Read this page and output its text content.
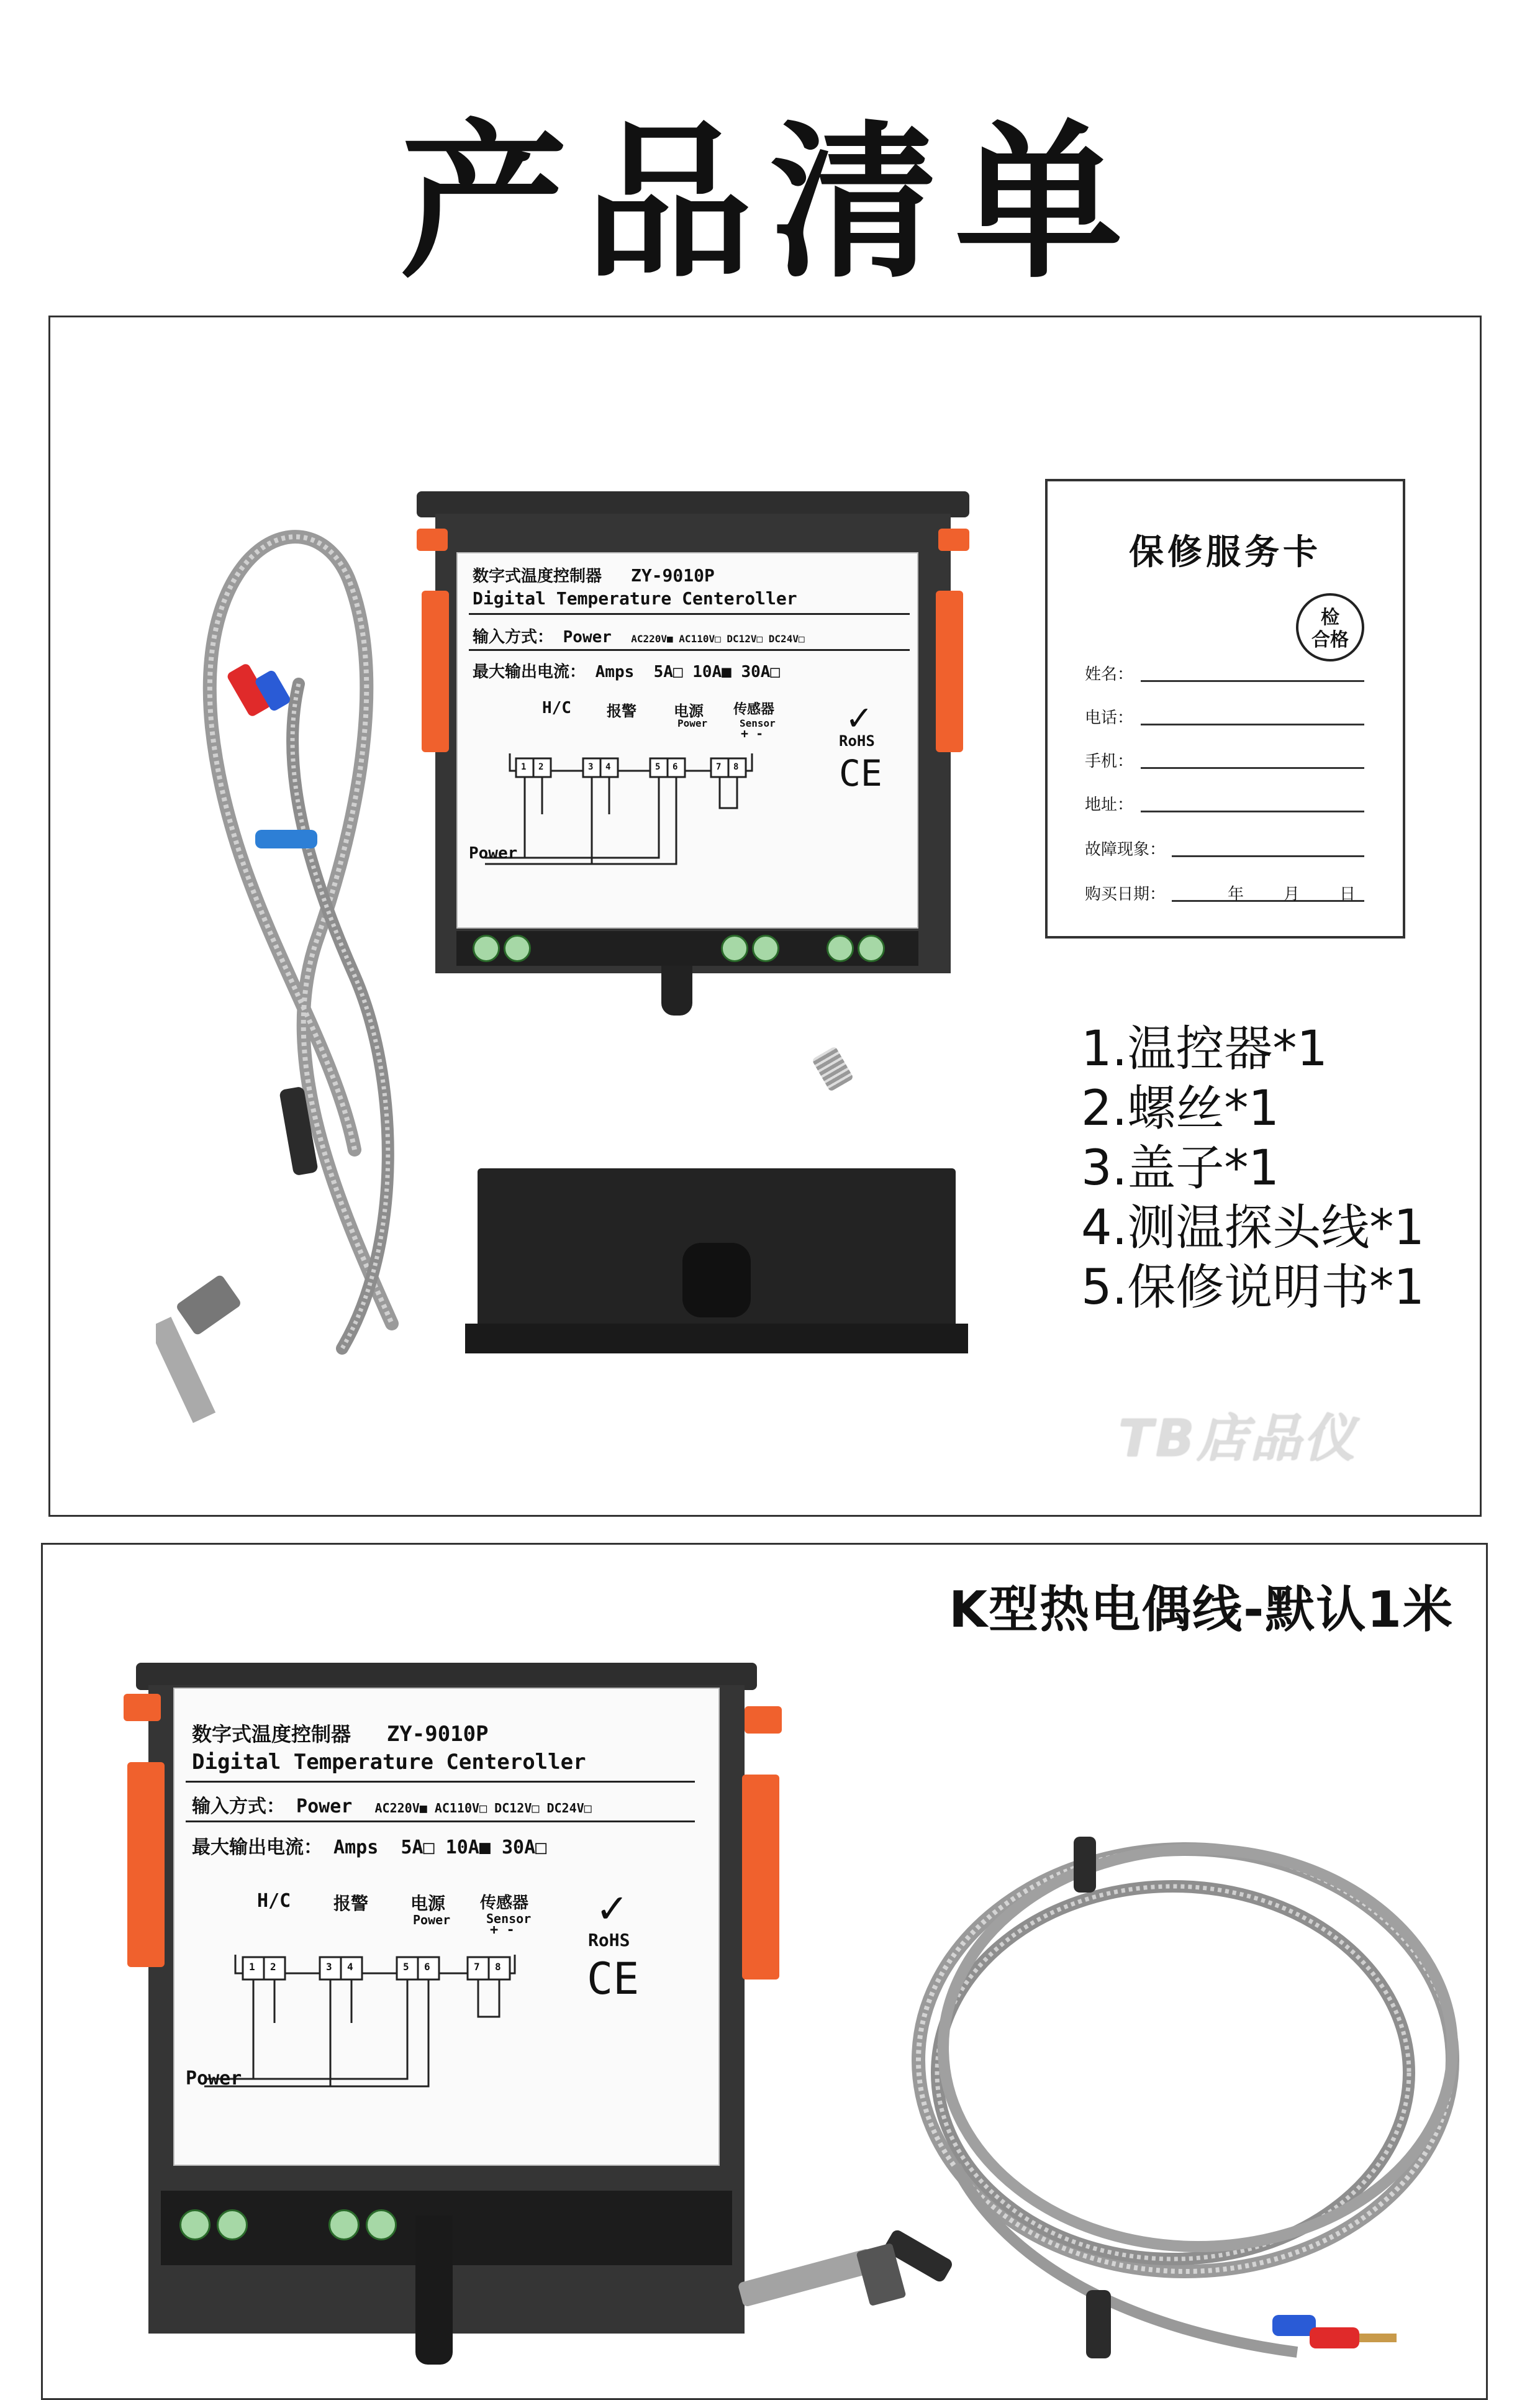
产品清单
数字式温度控制器 ZY-9010P
Digital Temperature Centeroller
输入方式： Power AC220V■ AC110V□ DC12V□ DC24V□
最大输出电流： Amps 5A□ 10A■ 30A□
H/C 报警	电源
Power
传感器
Sensor
+ -
1 2	3 4	5 6	7 8
Power
RoHS
CE
✓
保修服务卡
检
合格
姓名：
电话：
手机：
地址：
故障现象：
购买日期：	年 月 日
1.温控器*1
2.螺丝*1
3.盖子*1
4.测温探头线*1
5.保修说明书*1
TB店品仪
K型热电偶线-默认1米
数字式温度控制器 ZY-9010P
Digital Temperature Centeroller
输入方式： Power AC220V■ AC110V□ DC12V□ DC24V□
最大输出电流： Amps 5A□ 10A■ 30A□
H/C 报警 电源
Power
传感器
Sensor
+ -
1 2	3 4	5 6	7 8
Power
✓
RoHS
CE
